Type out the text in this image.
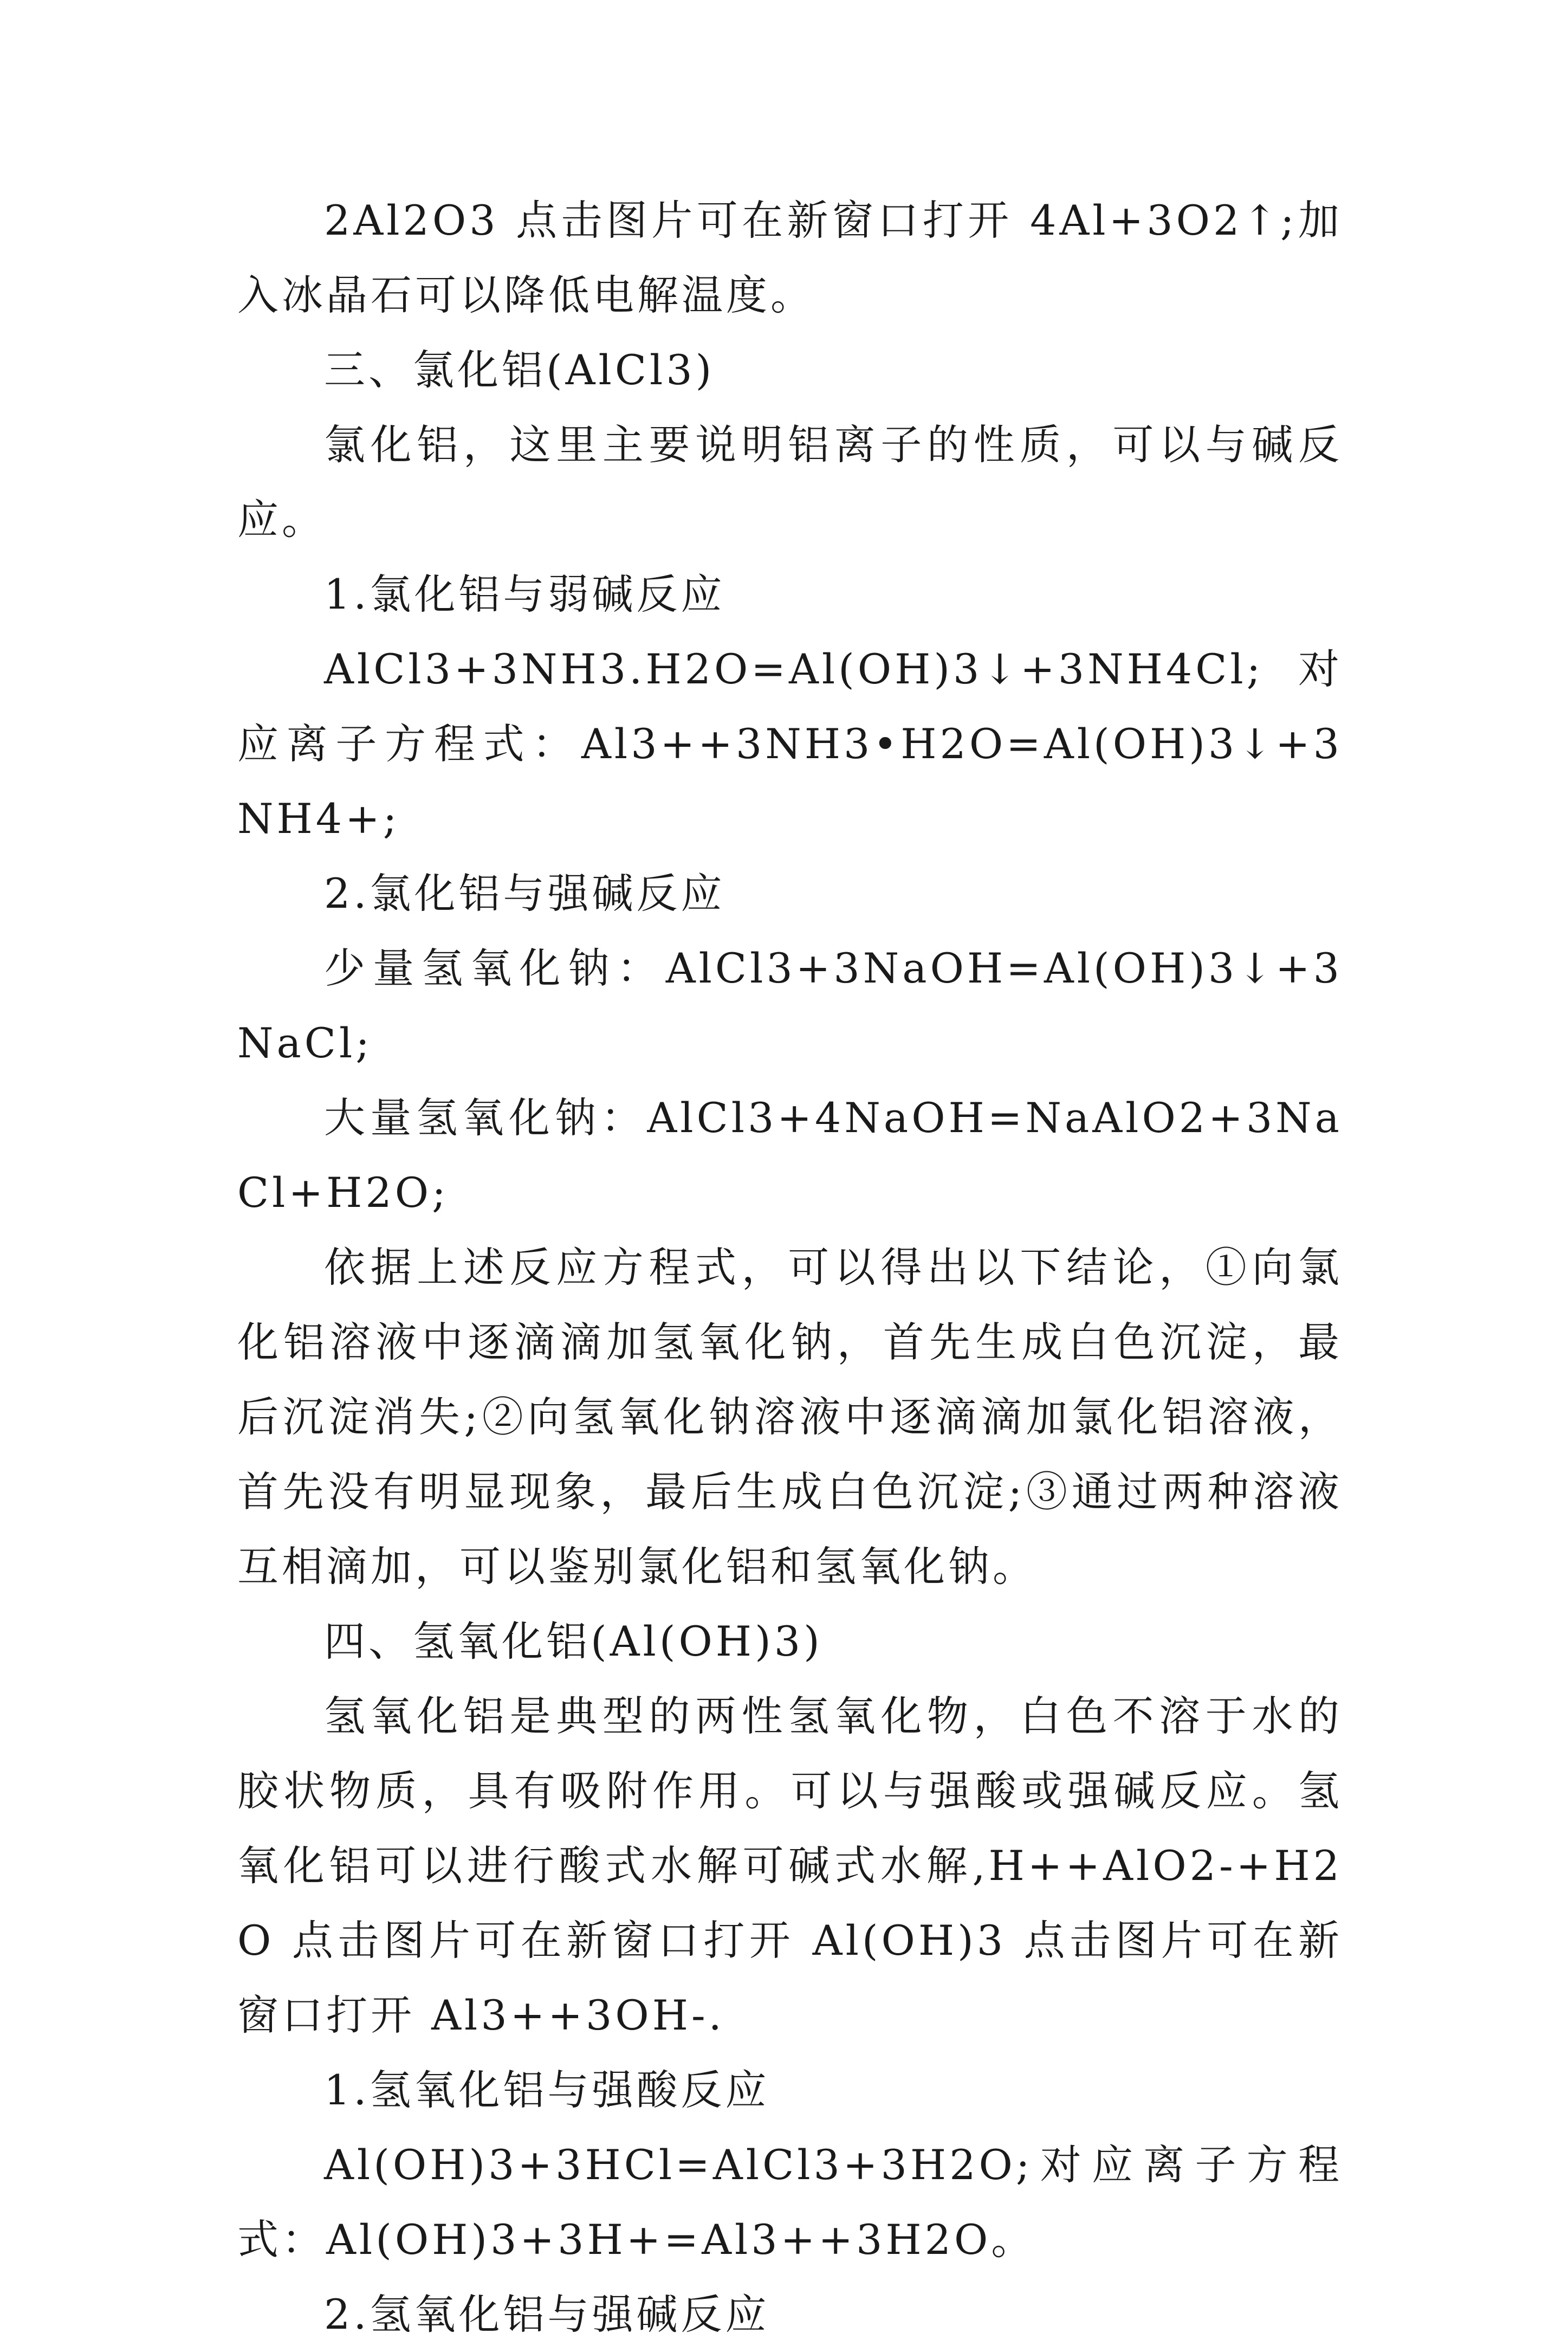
2Al2O3 点击图片可在新窗口打开 4Al+3O2↑;加入冰晶石可以降低电解温度。

三、氯化铝(AlCl3)

氯化铝，这里主要说明铝离子的性质，可以与碱反应。

1.氯化铝与弱碱反应

AlCl3+3NH3.H2O=Al(OH)3↓+3NH4Cl;对应离子方程式：Al3++3NH3•H2O=Al(OH)3↓+3NH4+;

2.氯化铝与强碱反应

少量氢氧化钠：AlCl3+3NaOH=Al(OH)3↓+3NaCl;

大量氢氧化钠：AlCl3+4NaOH=NaAlO2+3NaCl+H2O;

依据上述反应方程式，可以得出以下结论，①向氯化铝溶液中逐滴滴加氢氧化钠，首先生成白色沉淀，最后沉淀消失;②向氢氧化钠溶液中逐滴滴加氯化铝溶液，首先没有明显现象，最后生成白色沉淀;③通过两种溶液互相滴加，可以鉴别氯化铝和氢氧化钠。

四、氢氧化铝(Al(OH)3)

氢氧化铝是典型的两性氢氧化物，白色不溶于水的胶状物质，具有吸附作用。可以与强酸或强碱反应。氢氧化铝可以进行酸式水解可碱式水解,H++AlO2-+H2O 点击图片可在新窗口打开 Al(OH)3 点击图片可在新窗口打开 Al3++3OH-.

1.氢氧化铝与强酸反应

Al(OH)3+3HCl=AlCl3+3H2O;对应离子方程式：Al(OH)3+3H+=Al3++3H2O。

2.氢氧化铝与强碱反应
